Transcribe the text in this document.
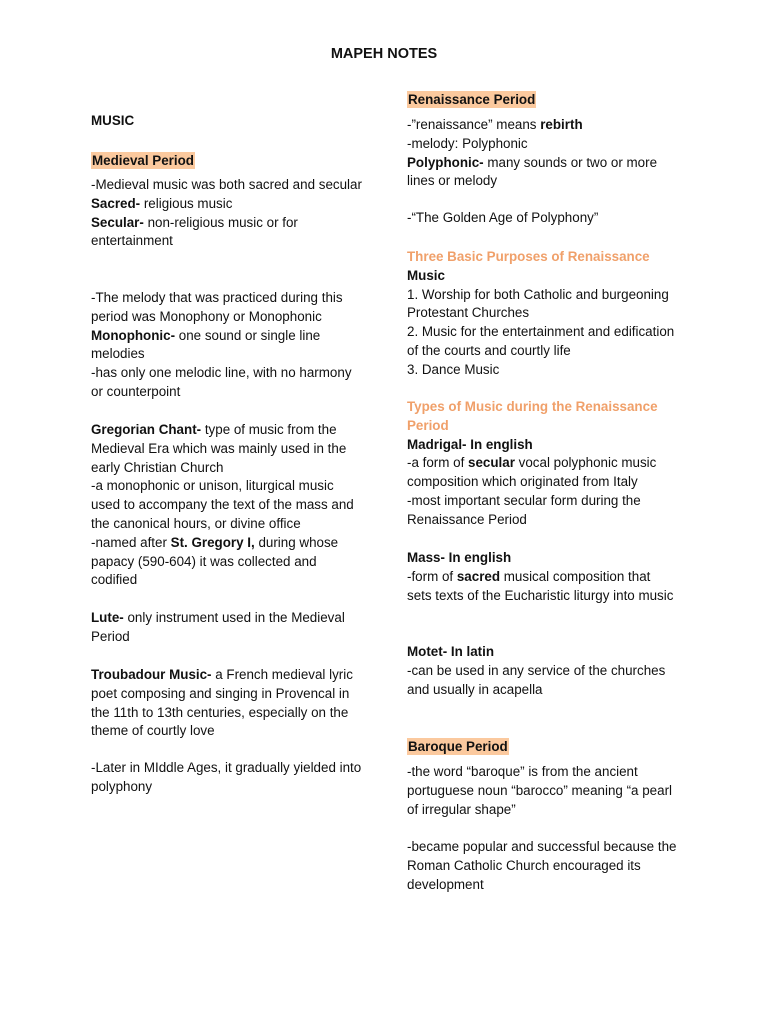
MAPEH NOTES
MUSIC
Medieval Period

-Medieval music was both sacred and secular

Sacred- religious music

Secular- non-religious music or for entertainment

-The melody that was practiced during this period was Monophony or Monophonic

Monophonic- one sound or single line melodies

-has only one melodic line, with no harmony or counterpoint

Gregorian Chant- type of music from the Medieval Era which was mainly used in the early Christian Church

-a monophonic or unison, liturgical music used to accompany the text of the mass and the canonical hours, or divine office

-named after St. Gregory I, during whose papacy (590-604) it was collected and codified

Lute- only instrument used in the Medieval Period

Troubadour Music- a French medieval lyric poet composing and singing in Provencal in the 11th to 13th centuries, especially on the theme of courtly love

-Later in MIddle Ages, it gradually yielded into polyphony

Renaissance Period

-”renaissance” means rebirth

-melody: Polyphonic

Polyphonic- many sounds or two or more lines or melody

-“The Golden Age of Polyphony”

Three Basic Purposes of Renaissance

Music

1. Worship for both Catholic and burgeoning Protestant Churches

2. Music for the entertainment and edification of the courts and courtly life

3. Dance Music

Types of Music during the Renaissance Period

Madrigal- In english

-a form of secular vocal polyphonic music composition which originated from Italy

-most important secular form during the Renaissance Period

Mass- In english

-form of sacred musical composition that sets texts of the Eucharistic liturgy into music

Motet- In latin

-can be used in any service of the churches and usually in acapella

Baroque Period

-the word “baroque” is from the ancient portuguese noun “barocco” meaning “a pearl of irregular shape”

-became popular and successful because the Roman Catholic Church encouraged its development
